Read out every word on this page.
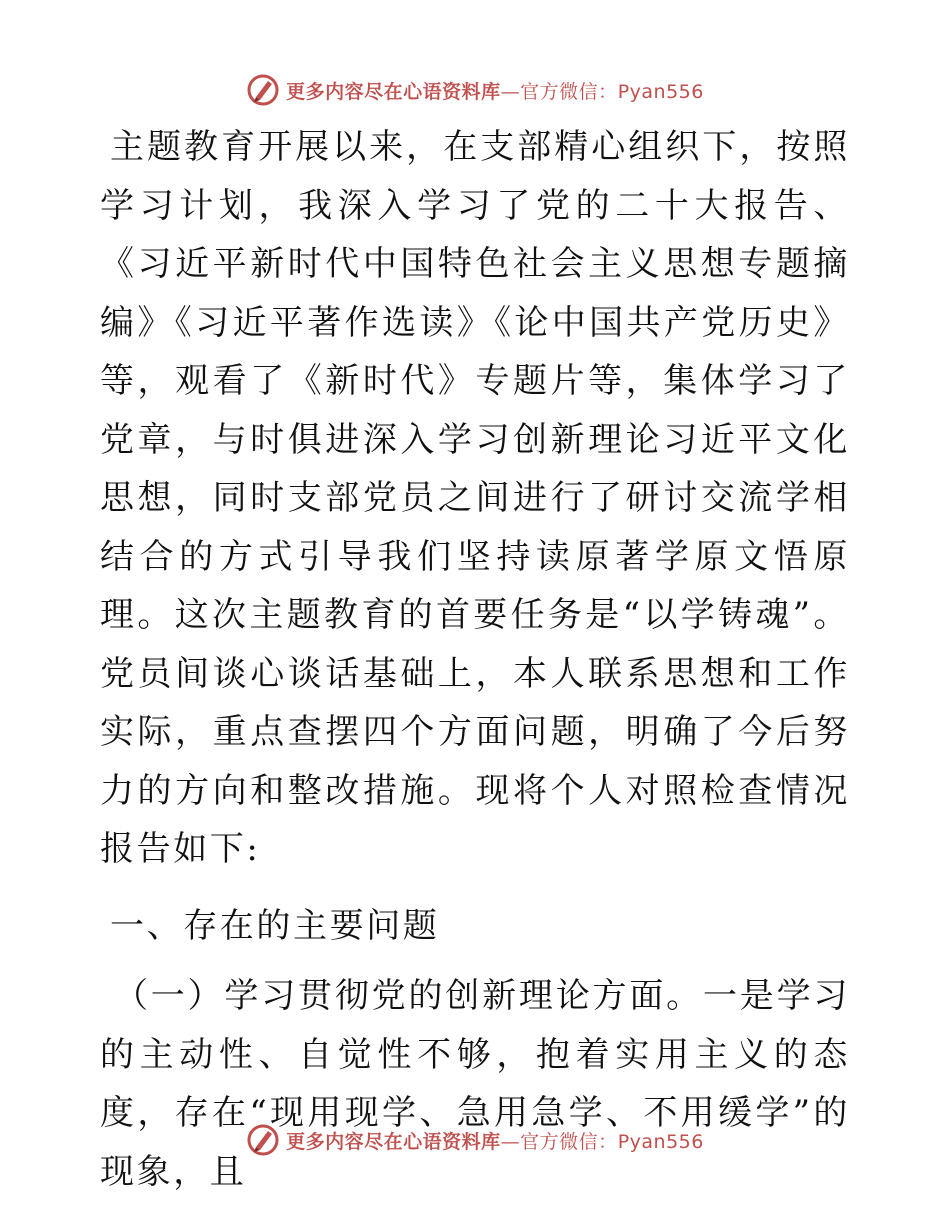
更多内容尽在心语资料库—官方微信：Pyan556

主题教育开展以来，在支部精心组织下，按照学习计划，我深入学习了党的二十大报告、《习近平新时代中国特色社会主义思想专题摘编》《习近平著作选读》《论中国共产党历史》等，观看了《新时代》专题片等，集体学习了党章，与时俱进深入学习创新理论习近平文化思想，同时支部党员之间进行了研讨交流学相结合的方式引导我们坚持读原著学原文悟原理。这次主题教育的首要任务是“以学铸魂”。党员间谈心谈话基础上，本人联系思想和工作实际，重点查摆四个方面问题，明确了今后努力的方向和整改措施。现将个人对照检查情况报告如下:

一、存在的主要问题

（一）学习贯彻党的创新理论方面。一是学习的主动性、自觉性不够，抱着实用主义的态度，存在“现用现学、急用急学、不用缓学”的现象，且

更多内容尽在心语资料库—官方微信：Pyan556
